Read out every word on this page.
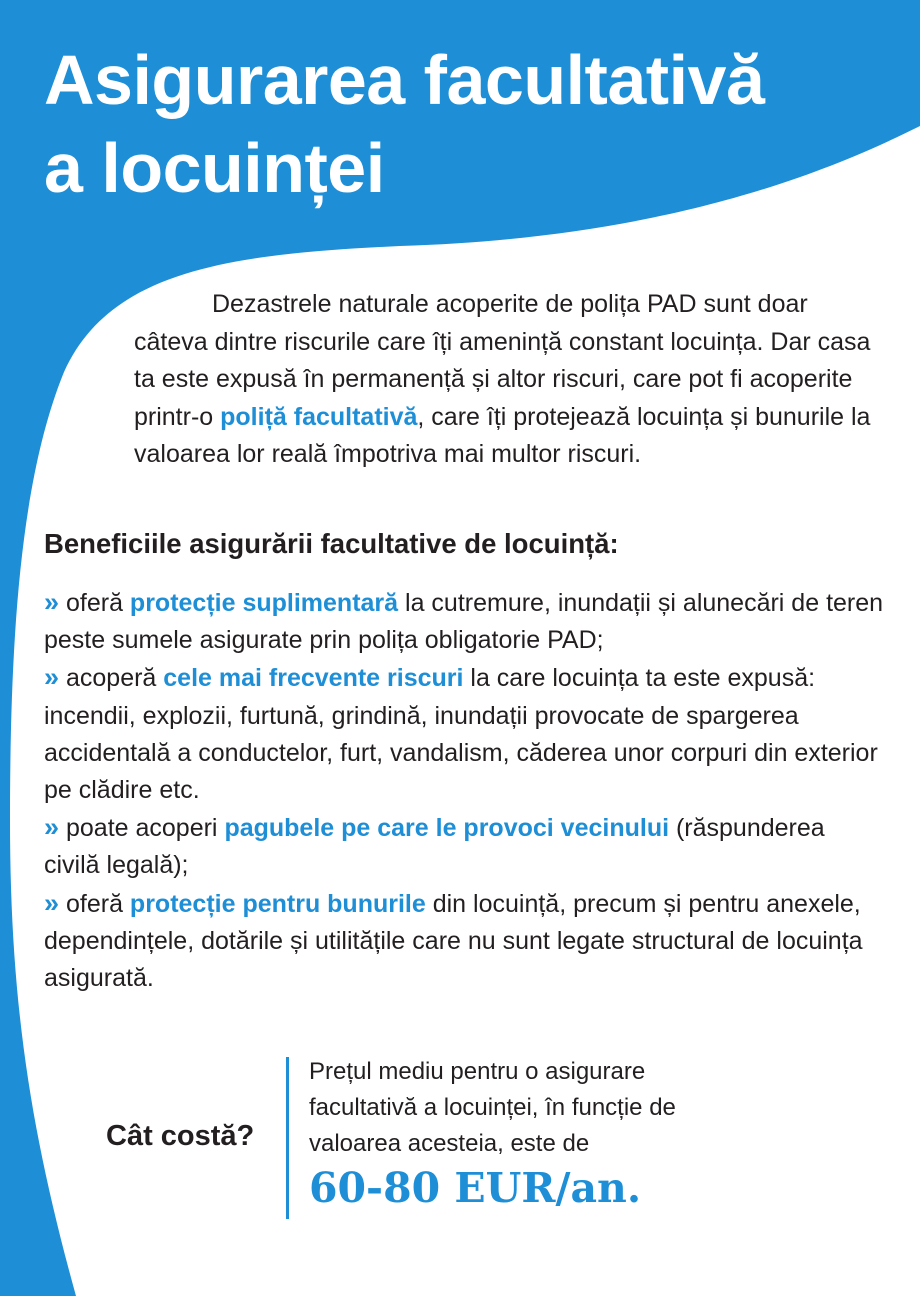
Asigurarea facultativă
a locuinței

Dezastrele naturale acoperite de polița PAD sunt doar câteva dintre riscurile care îți amenință constant locuința. Dar casa ta este expusă în permanență și altor riscuri, care pot fi acoperite printr-o poliță facultativă, care îți protejează locuința și bunurile la valoarea lor reală împotriva mai multor riscuri.

Beneficiile asigurării facultative de locuință:
» oferă protecție suplimentară la cutremure, inundații și alunecări de teren peste sumele asigurate prin polița obligatorie PAD;
» acoperă cele mai frecvente riscuri la care locuința ta este expusă: incendii, explozii, furtună, grindină, inundații provocate de spargerea accidentală a conductelor, furt, vandalism, căderea unor corpuri din exterior pe clădire etc.
» poate acoperi pagubele pe care le provoci vecinului (răspunderea civilă legală);
» oferă protecție pentru bunurile din locuință, precum și pentru anexele, dependințele, dotările și utilitățile care nu sunt legate structural de locuința asigurată.
Cât costă?

Prețul mediu pentru o asigurare
facultativă a locuinței, în funcție de
valoarea acesteia, este de

60-80 EUR/an.
